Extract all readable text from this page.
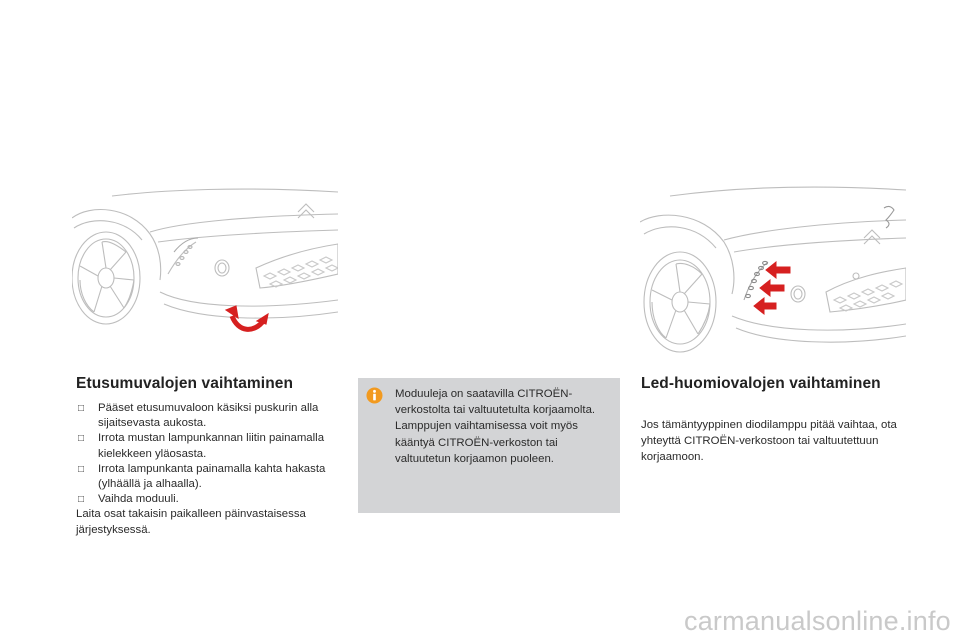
Etusumuvalojen vaihtaminen
□ Pääset etusumuvaloon käsiksi puskurin alla sijaitsevasta aukosta.
□ Irrota mustan lampunkannan liitin painamalla kielekkeen yläosasta.
□ Irrota lampunkanta painamalla kahta hakasta (ylhäällä ja alhaalla).
□ Vaihda moduuli.
Laita osat takaisin paikalleen päinvastaisessa järjestyksessä.
Moduuleja on saatavilla CITROËN-verkostolta tai valtuutetulta korjaamolta. Lamppujen vaihtamisessa voit myös kääntyä CITROËN-verkoston tai valtuutetun korjaamon puoleen.
Led-huomiovalojen vaihtaminen
Jos tämäntyyppinen diodilamppu pitää vaihtaa, ota yhteyttä CITROËN-verkostoon tai valtuutettuun korjaamoon.
carmanualsonline.info
